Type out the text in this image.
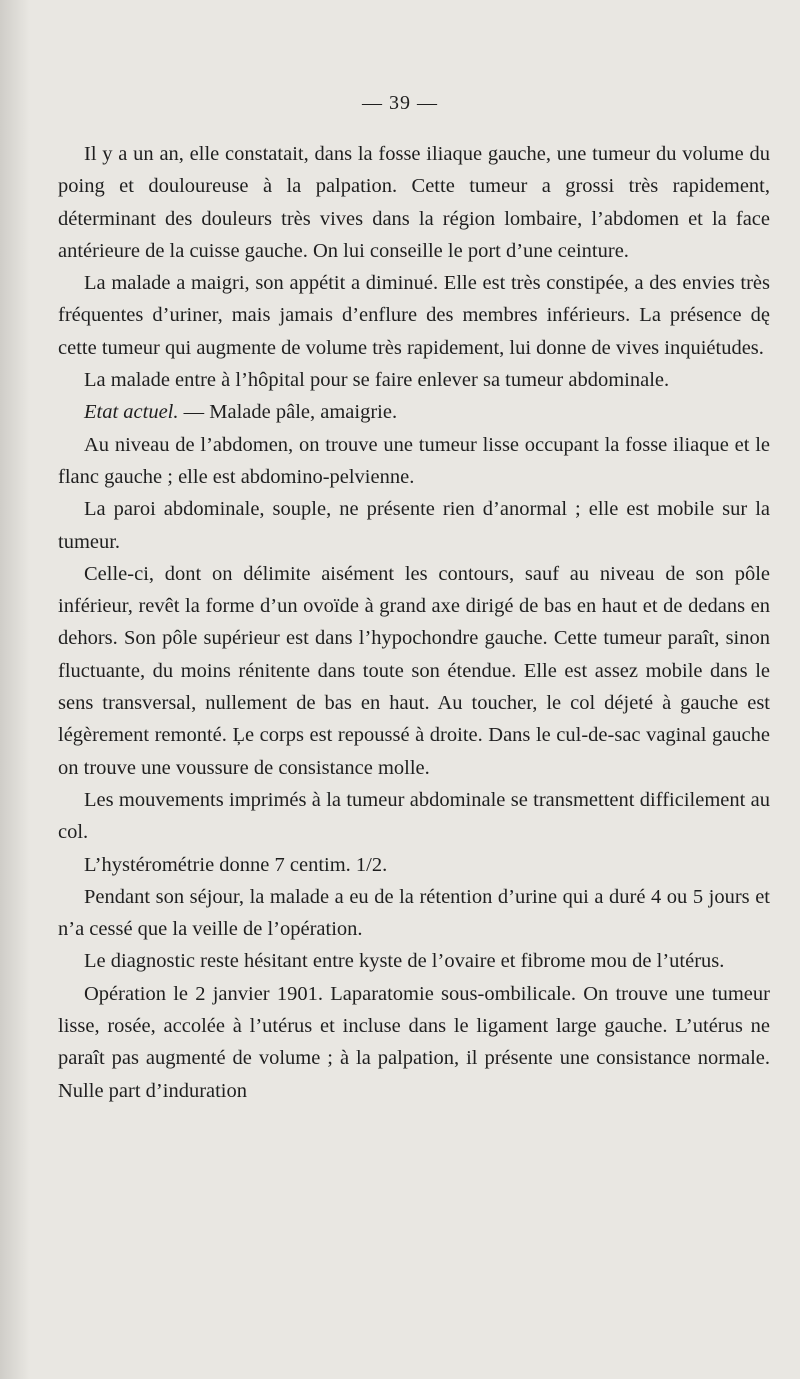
— 39 —

Il y a un an, elle constatait, dans la fosse iliaque gauche, une tumeur du volume du poing et douloureuse à la palpation. Cette tumeur a grossi très rapidement, déterminant des douleurs très vives dans la région lombaire, l’abdomen et la face antérieure de la cuisse gauche. On lui conseille le port d’une ceinture.

La malade a maigri, son appétit a diminué. Elle est très constipée, a des envies très fréquentes d’uriner, mais jamais d’enflure des membres inférieurs. La présence dę cette tumeur qui augmente de volume très rapidement, lui donne de vives inquiétudes.

La malade entre à l’hôpital pour se faire enlever sa tumeur abdominale.

Etat actuel. — Malade pâle, amaigrie.

Au niveau de l’abdomen, on trouve une tumeur lisse occupant la fosse iliaque et le flanc gauche ; elle est abdomino-pelvienne.

La paroi abdominale, souple, ne présente rien d’anormal ; elle est mobile sur la tumeur.

Celle-ci, dont on délimite aisément les contours, sauf au niveau de son pôle inférieur, revêt la forme d’un ovoïde à grand axe dirigé de bas en haut et de dedans en dehors. Son pôle supérieur est dans l’hypochondre gauche. Cette tumeur paraît, sinon fluctuante, du moins rénitente dans toute son étendue. Elle est assez mobile dans le sens transversal, nullement de bas en haut. Au toucher, le col déjeté à gauche est légèrement remonté. Ļe corps est repoussé à droite. Dans le cul-de-sac vaginal gauche on trouve une voussure de consistance molle.

Les mouvements imprimés à la tumeur abdominale se transmettent difficilement au col.

L’hystérométrie donne 7 centim. 1/2.

Pendant son séjour, la malade a eu de la rétention d’urine qui a duré 4 ou 5 jours et n’a cessé que la veille de l’opération.

Le diagnostic reste hésitant entre kyste de l’ovaire et fibrome mou de l’utérus.

Opération le 2 janvier 1901. Laparatomie sous-ombilicale. On trouve une tumeur lisse, rosée, accolée à l’utérus et incluse dans le ligament large gauche. L’utérus ne paraît pas augmenté de volume ; à la palpation, il présente une consistance normale. Nulle part d’induration
